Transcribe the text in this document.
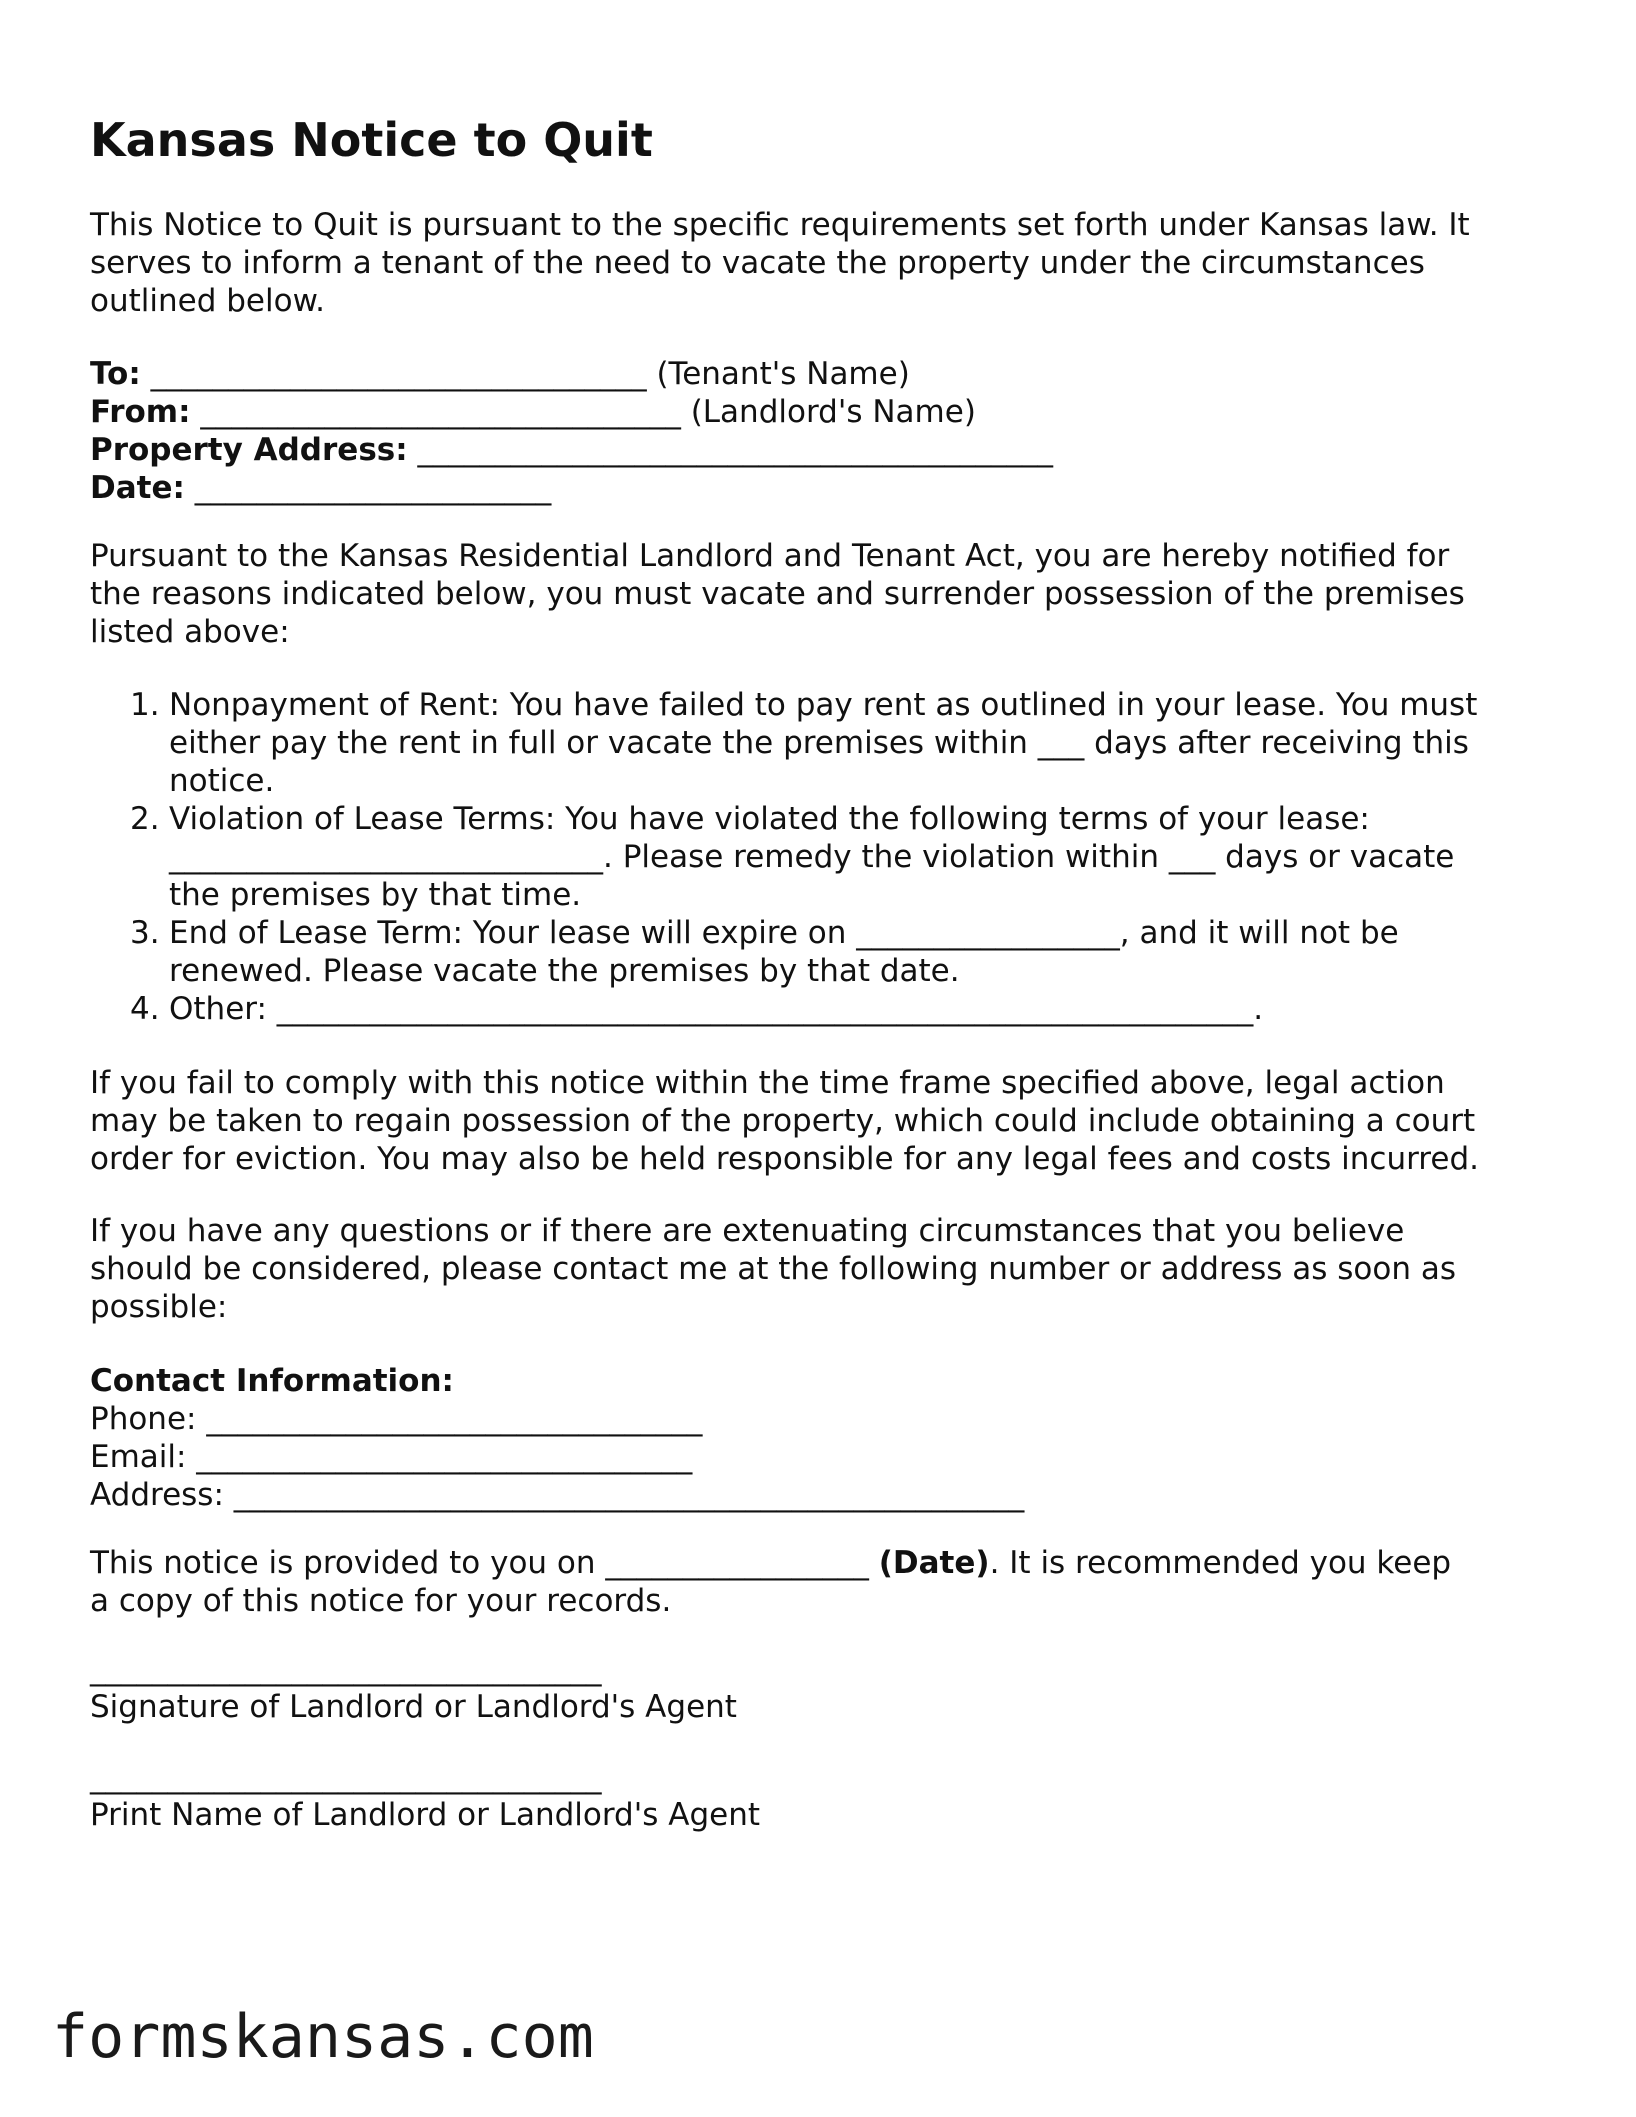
Kansas Notice to Quit

This Notice to Quit is pursuant to the specific requirements set forth under Kansas law. It
serves to inform a tenant of the need to vacate the property under the circumstances
outlined below.

To: ________________________________ (Tenant's Name)
From: _______________________________ (Landlord's Name)
Property Address: _________________________________________
Date: _______________________

Pursuant to the Kansas Residential Landlord and Tenant Act, you are hereby notified for
the reasons indicated below, you must vacate and surrender possession of the premises
listed above:

1. Nonpayment of Rent: You have failed to pay rent as outlined in your lease. You must
either pay the rent in full or vacate the premises within ___ days after receiving this
notice.
2. Violation of Lease Terms: You have violated the following terms of your lease:
____________________________. Please remedy the violation within ___ days or vacate
the premises by that time.
3. End of Lease Term: Your lease will expire on _________________, and it will not be
renewed. Please vacate the premises by that date.
4. Other: _______________________________________________________________.

If you fail to comply with this notice within the time frame specified above, legal action
may be taken to regain possession of the property, which could include obtaining a court
order for eviction. You may also be held responsible for any legal fees and costs incurred.

If you have any questions or if there are extenuating circumstances that you believe
should be considered, please contact me at the following number or address as soon as
possible:

Contact Information:
Phone: ________________________________
Email: ________________________________
Address: ___________________________________________________

This notice is provided to you on _________________ (Date). It is recommended you keep
a copy of this notice for your records.

_________________________________
Signature of Landlord or Landlord's Agent
_________________________________
Print Name of Landlord or Landlord's Agent
formskansas.com
